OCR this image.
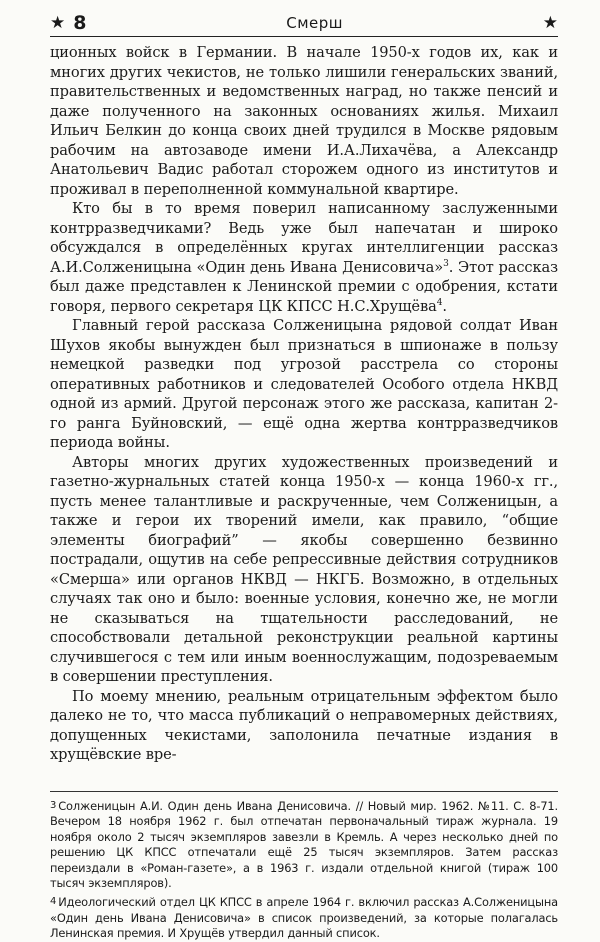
★ 8	Смерш	★

ционных войск в Германии. В начале 1950-х годов их, как и многих других чекистов, не только лишили генеральских званий, правительственных и ведомственных наград, но также пенсий и даже полученного на законных основаниях жилья. Михаил Ильич Белкин до конца своих дней трудился в Москве рядовым рабочим на автозаводе имени И.А.Лихачёва, а Александр Анатольевич Вадис работал сторожем одного из институтов и проживал в переполненной коммунальной квартире.

Кто бы в то время поверил написанному заслуженными контрразведчиками? Ведь уже был напечатан и широко обсуждался в определённых кругах интеллигенции рассказ А.И.Солженицына «Один день Ивана Денисовича»$^3$. Этот рассказ был даже представлен к Ленинской премии с одобрения, кстати говоря, первого секретаря ЦК КПСС Н.С.Хрущёва$^4$.

Главный герой рассказа Солженицына рядовой солдат Иван Шухов якобы вынужден был признаться в шпионаже в пользу немецкой разведки под угрозой расстрела со стороны оперативных работников и следователей Особого отдела НКВД одной из армий. Другой персонаж этого же рассказа, капитан 2-го ранга Буйновский, — ещё одна жертва контрразведчиков периода войны.

Авторы многих других художественных произведений и газетно-журнальных статей конца 1950-х — конца 1960-х гг., пусть менее талантливые и раскрученные, чем Солженицын, а также и герои их творений имели, как правило, “общие элементы биографий” — якобы совершенно безвинно пострадали, ощутив на себе репрессивные действия сотрудников «Смерша» или органов НКВД — НКГБ. Возможно, в отдельных случаях так оно и было: военные условия, конечно же, не могли не сказываться на тщательности расследований, не способствовали детальной реконструкции реальной картины случившегося с тем или иным военнослужащим, подозреваемым в совершении преступления.

По моему мнению, реальным отрицательным эффектом было далеко не то, что масса публикаций о неправомерных действиях, допущенных чекистами, заполонила печатные издания в хрущёвские вре-

3 Солженицын А.И. Один день Ивана Денисовича. // Новый мир. 1962. №11. С. 8-71. Вечером 18 ноября 1962 г. был отпечатан первоначальный тираж журнала. 19 ноября около 2 тысяч экземпляров завезли в Кремль. А через несколько дней по решению ЦК КПСС отпечатали ещё 25 тысяч экземпляров. Затем рассказ переиздали в «Роман-газете», а в 1963 г. издали отдельной книгой (тираж 100 тысяч экземпляров).

4 Идеологический отдел ЦК КПСС в апреле 1964 г. включил рассказ А.Солженицына «Один день Ивана Денисовича» в список произведений, за которые полагалась Ленинская премия. И Хрущёв утвердил данный список.
